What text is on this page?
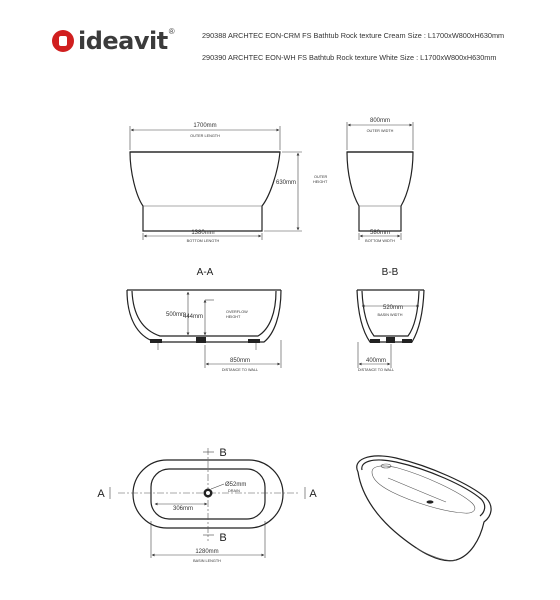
ideavit ®	290388 ARCHTEC EON-CRM FS Bathtub Rock texture Cream Size : L1700xW800xH630mm
290390 ARCHTEC EON-WH FS Bathtub Rock texture White Size : L1700xW800xH630mm
1700mm
OUTER LENGTH
630mm
OUTER
HEIGHT
1380mm
BOTTOM LENGTH
800mm
OUTER WIDTH
580mm
BOTTOM WIDTH
A-A
500mm
444mm
OVERFLOW
HEIGHT
850mm
DISTANCE TO WALL
B-B
520mm
BASIN WIDTH
400mm
DISTANCE TO WALL
A	A
B
B
Ø52mm
DRAIN
306mm
1280mm
BASIN LENGTH
